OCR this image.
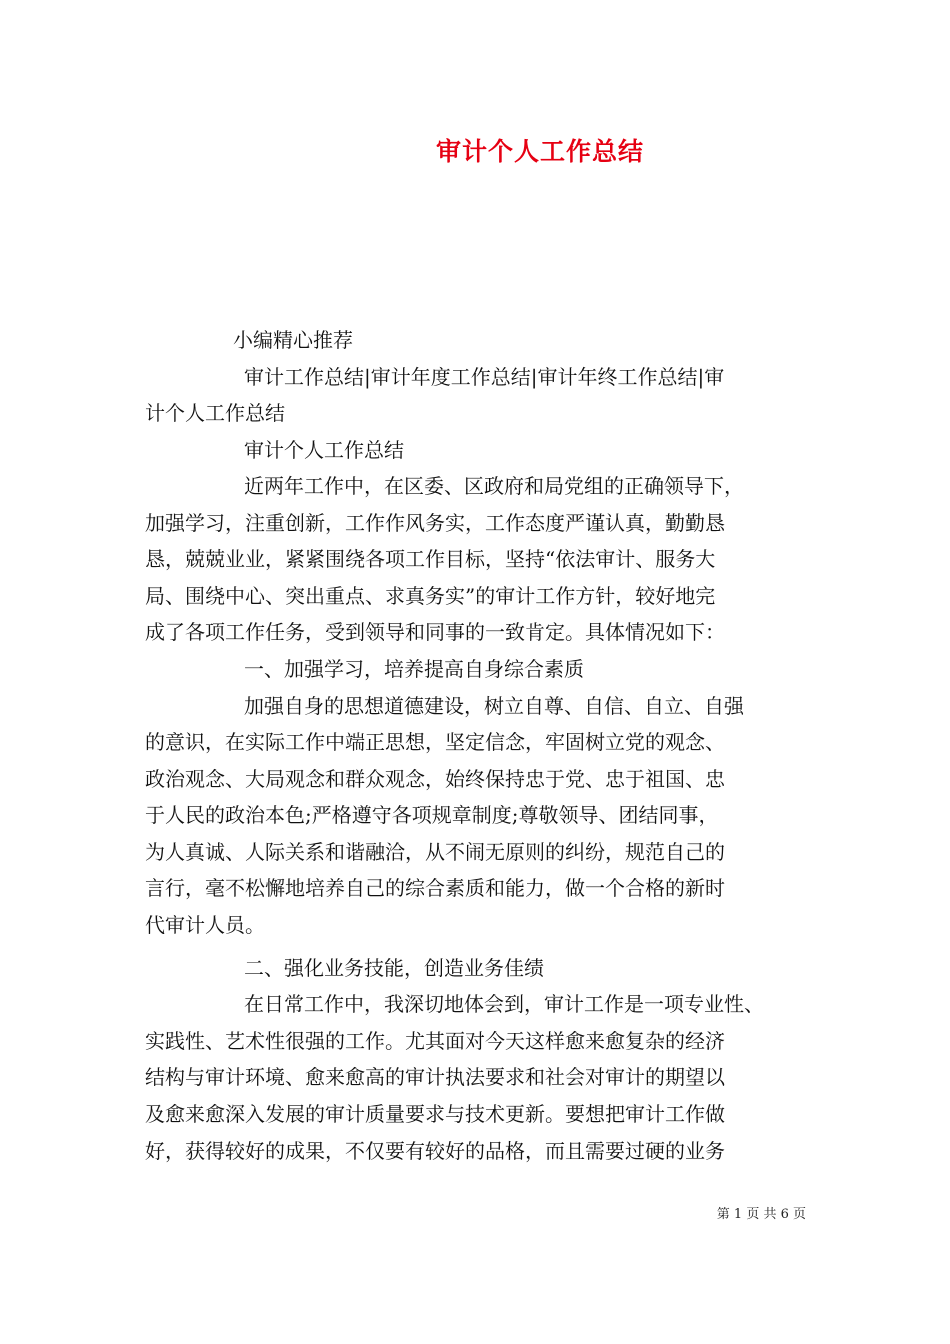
审计个人工作总结
小编精心推荐
审计工作总结|审计年度工作总结|审计年终工作总结|审
计个人工作总结
审计个人工作总结
近两年工作中，在区委、区政府和局党组的正确领导下，
加强学习，注重创新，工作作风务实，工作态度严谨认真，勤勤恳
恳，兢兢业业，紧紧围绕各项工作目标，坚持“依法审计、服务大
局、围绕中心、突出重点、求真务实”的审计工作方针，较好地完
成了各项工作任务，受到领导和同事的一致肯定。具体情况如下：
一、加强学习，培养提高自身综合素质
加强自身的思想道德建设，树立自尊、自信、自立、自强
的意识，在实际工作中端正思想，坚定信念，牢固树立党的观念、
政治观念、大局观念和群众观念，始终保持忠于党、忠于祖国、忠
于人民的政治本色;严格遵守各项规章制度;尊敬领导、团结同事，
为人真诚、人际关系和谐融洽，从不闹无原则的纠纷，规范自己的
言行，毫不松懈地培养自己的综合素质和能力，做一个合格的新时
代审计人员。
二、强化业务技能，创造业务佳绩
在日常工作中，我深切地体会到，审计工作是一项专业性、
实践性、艺术性很强的工作。尤其面对今天这样愈来愈复杂的经济
结构与审计环境、愈来愈高的审计执法要求和社会对审计的期望以
及愈来愈深入发展的审计质量要求与技术更新。要想把审计工作做
好，获得较好的成果，不仅要有较好的品格，而且需要过硬的业务
第 1 页 共 6 页
